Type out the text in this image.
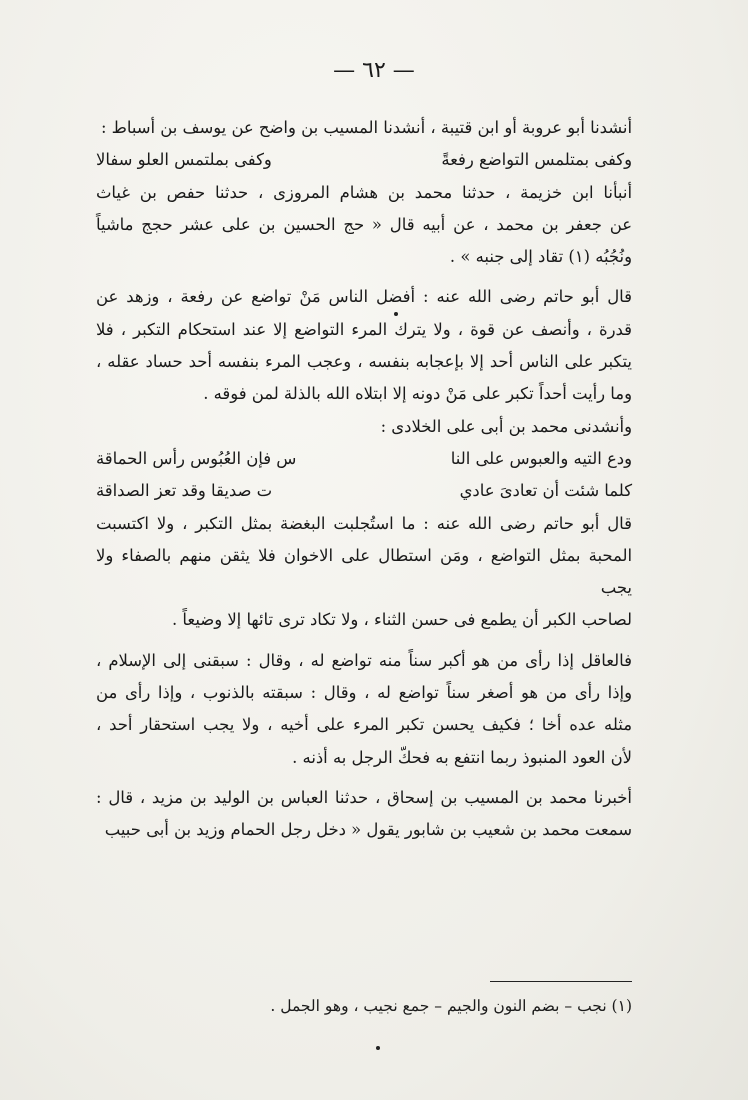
— ٦٢ —

أنشدنا أبو عروبة أو ابن قتيبة ، أنشدنا المسيب بن واضح عن يوسف بن أسباط :

وكفى بمتلمس التواضع رفعةً
وكفى بملتمس العلو سفالا

أنبأنا ابن خزيمة ، حدثنا محمد بن هشام المروزى ، حدثنا حفص بن غياث
عن جعفر بن محمد ، عن أبيه قال « حج الحسين بن على عشر حجج ماشياً
ونُجُبُه (١) تقاد إلى جنبه » .

قال أبو حاتم رضى الله عنه : أفضل الناس مَنْ تواضع عن رفعة ، وزهد عن
قدرة ، وأنصف عن قوة ، ولا يترك المرء التواضع إلا عند استحكام التكبر ، فلا
يتكبر على الناس أحد إلا بإعجابه بنفسه ، وعجب المرء بنفسه أحد حساد عقله ،
وما رأيت أحداً تكبر على مَنْ دونه إلا ابتلاه الله بالذلة لمن فوقه .

وأنشدنى محمد بن أبى على الخلادى :

ودع التيه والعبوس على النا
س فإن العُبُوس رأس الحماقة
كلما شئت أن تعادىَ عادي
ت صديقا وقد تعز الصداقة

قال أبو حاتم رضى الله عنه : ما استُجلبت البغضة بمثل التكبر ، ولا اكتسبت
المحبة بمثل التواضع ، ومَن استطال على الاخوان فلا يثقن منهم بالصفاء ولا يجب
لصاحب الكبر أن يطمع فى حسن الثناء ، ولا تكاد ترى تائها إلا وضيعاً .

فالعاقل إذا رأى من هو أكبر سناً منه تواضع له ، وقال : سبقنى إلى الإسلام ،
وإذا رأى من هو أصغر سناً تواضع له ، وقال : سبقته بالذنوب ، وإذا رأى من
مثله عده أخا ؛ فكيف يحسن تكبر المرء على أخيه ، ولا يجب استحقار أحد ،
لأن العود المنبوذ ربما انتفع به فحكّ الرجل به أذنه .

أخبرنا محمد بن المسيب بن إسحاق ، حدثنا العباس بن الوليد بن مزيد ، قال :
سمعت محمد بن شعيب بن شابور يقول « دخل رجل الحمام وزيد بن أبى حبيب

(١) نجب – بضم النون والجيم – جمع نجيب ، وهو الجمل .
